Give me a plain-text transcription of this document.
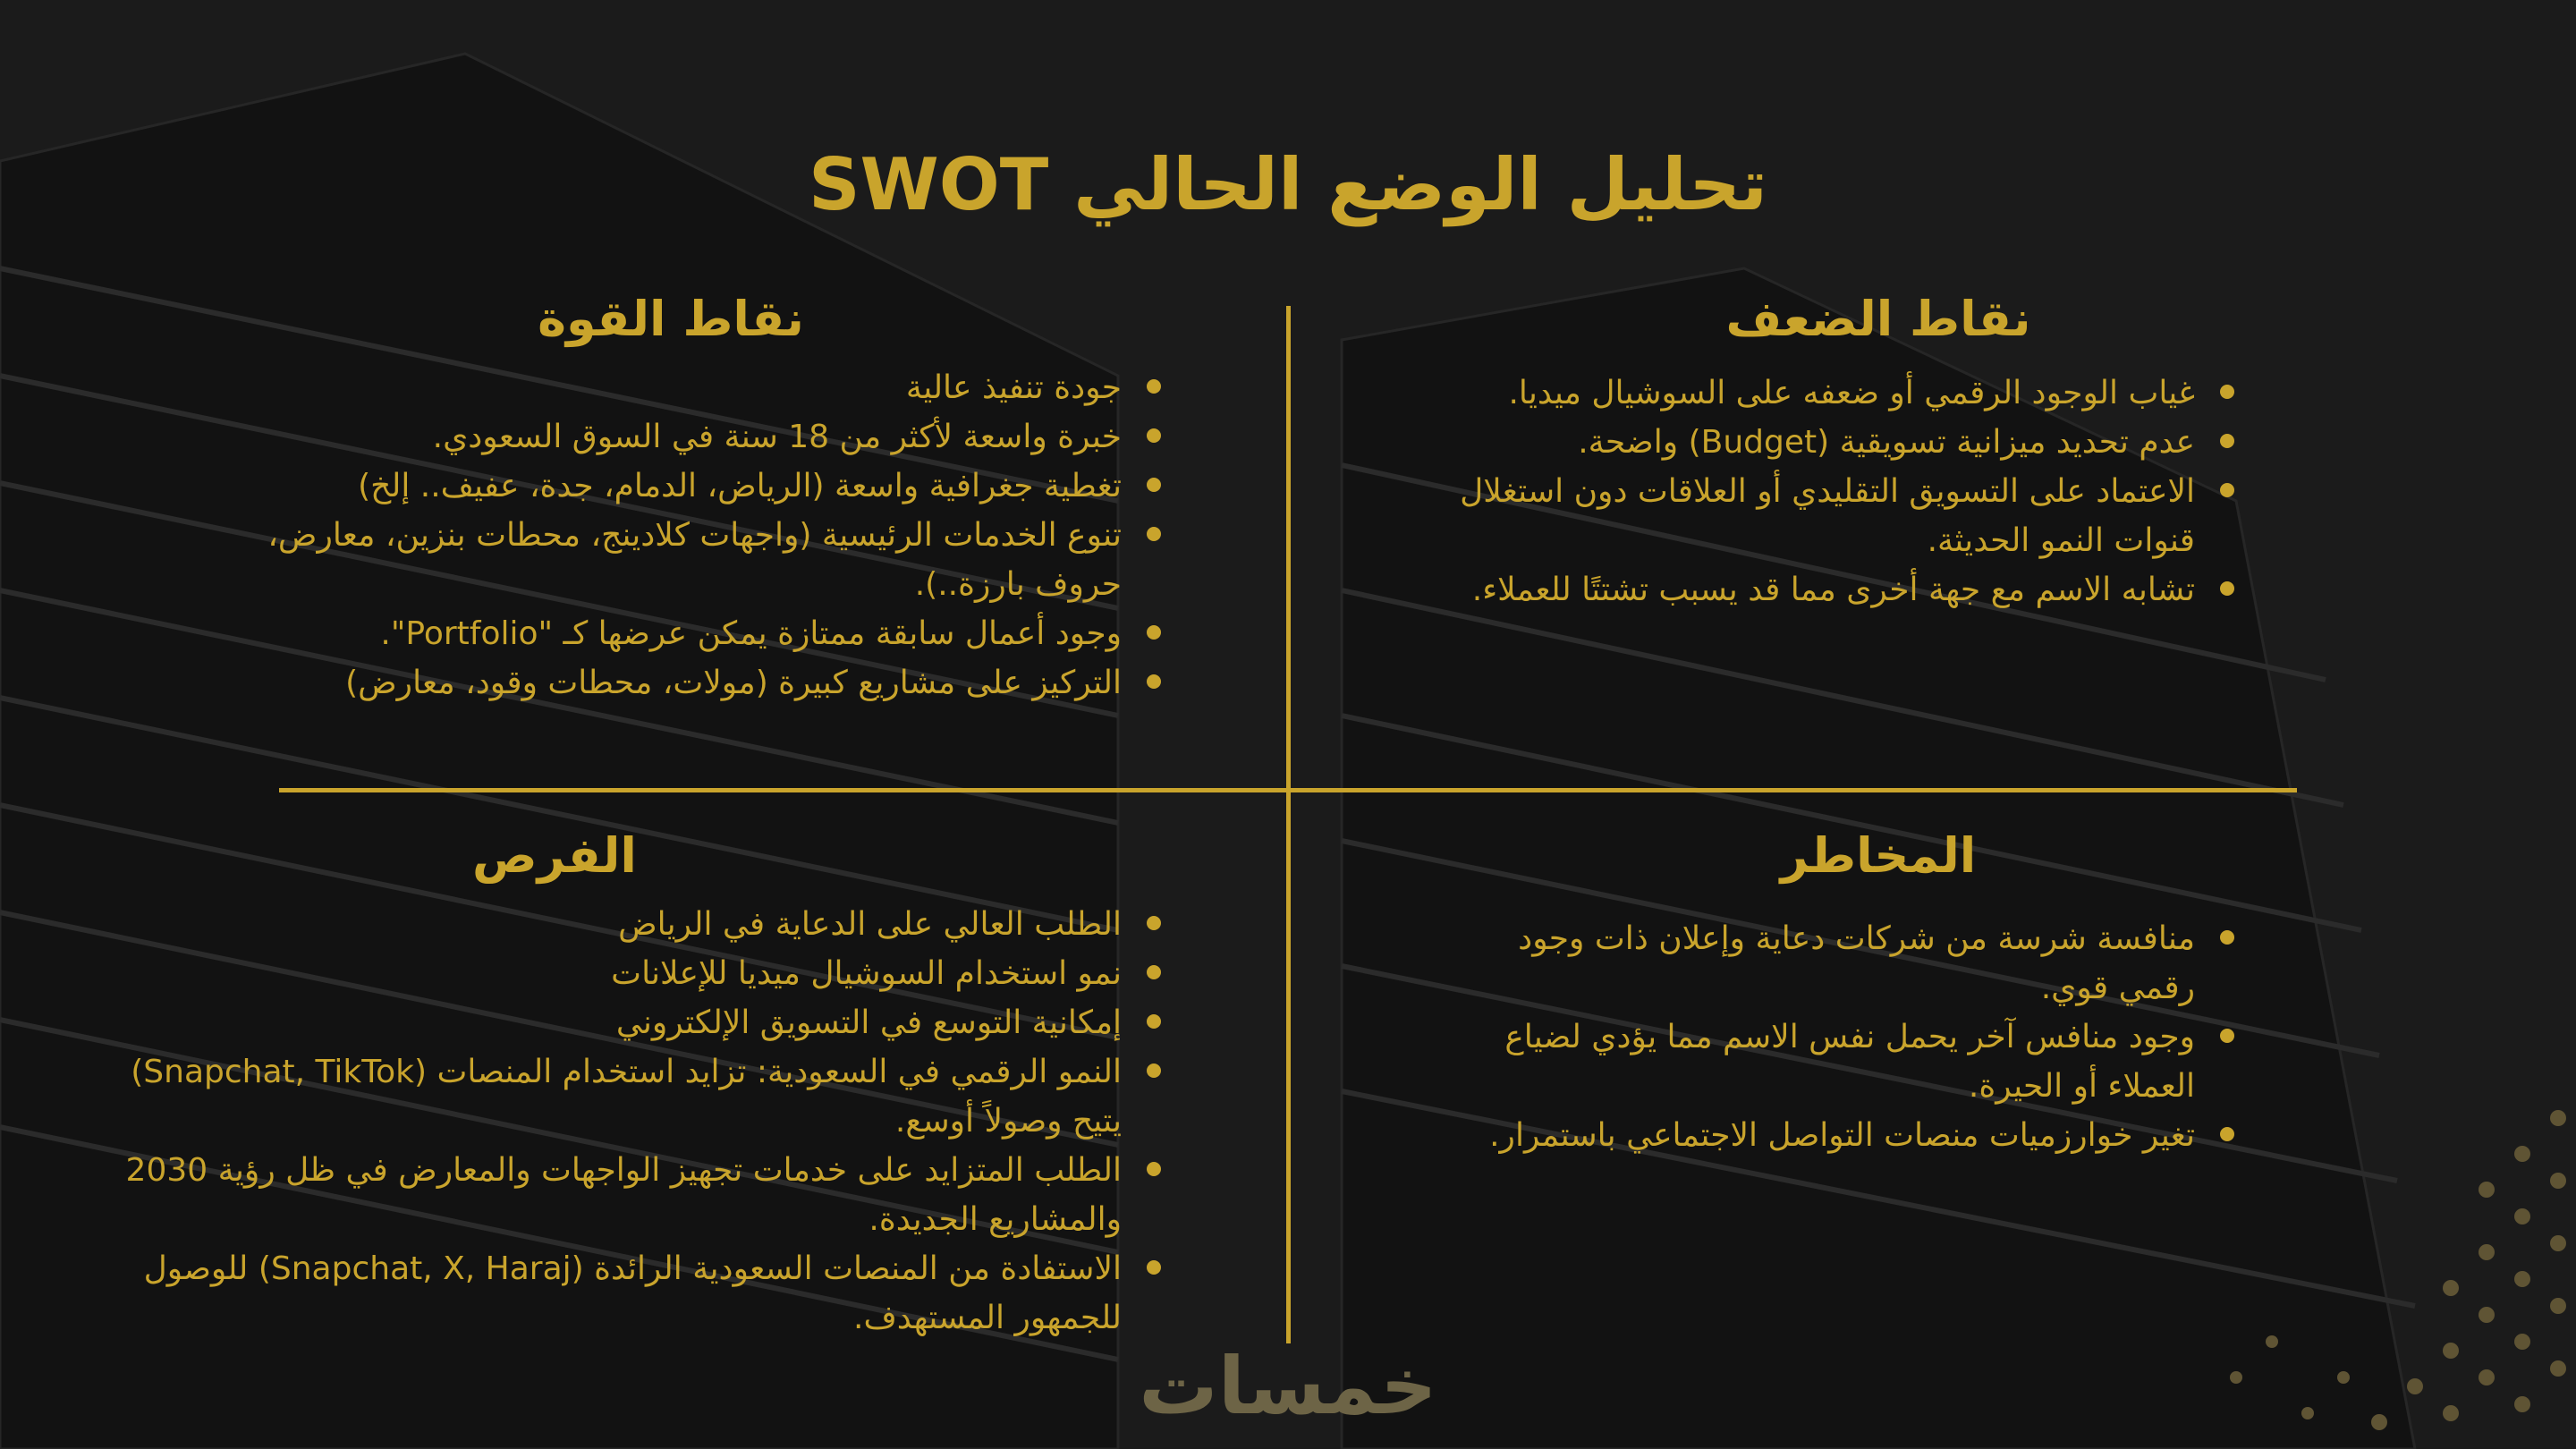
تحليل الوضع الحالي SWOT
نقاط الضعف
غياب الوجود الرقمي أو ضعفه على السوشيال ميديا.
عدم تحديد ميزانية تسويقية (Budget) واضحة.
الاعتماد على التسويق التقليدي أو العلاقات دون استغلال قنوات النمو الحديثة.
تشابه الاسم مع جهة أخرى مما قد يسبب تشتتًا للعملاء.
نقاط القوة
جودة تنفيذ عالية
خبرة واسعة لأكثر من 18 سنة في السوق السعودي.
تغطية جغرافية واسعة (الرياض، الدمام، جدة، عفيف.. إلخ)
تنوع الخدمات الرئيسية (واجهات كلادينج، محطات بنزين، معارض، حروف بارزة..).
وجود أعمال سابقة ممتازة يمكن عرضها كـ "Portfolio".
التركيز على مشاريع كبيرة (مولات، محطات وقود، معارض)
المخاطر
منافسة شرسة من شركات دعاية وإعلان ذات وجود رقمي قوي.
وجود منافس آخر يحمل نفس الاسم مما يؤدي لضياع العملاء أو الحيرة.
تغير خوارزميات منصات التواصل الاجتماعي باستمرار.
الفرص
الطلب العالي على الدعاية في الرياض
نمو استخدام السوشيال ميديا للإعلانات
إمكانية التوسع في التسويق الإلكتروني
النمو الرقمي في السعودية: تزايد استخدام المنصات (Snapchat, TikTok) يتيح وصولاً أوسع.
الطلب المتزايد على خدمات تجهيز الواجهات والمعارض في ظل رؤية 2030 والمشاريع الجديدة.
الاستفادة من المنصات السعودية الرائدة (Snapchat, X, Haraj) للوصول للجمهور المستهدف.
خمسات
